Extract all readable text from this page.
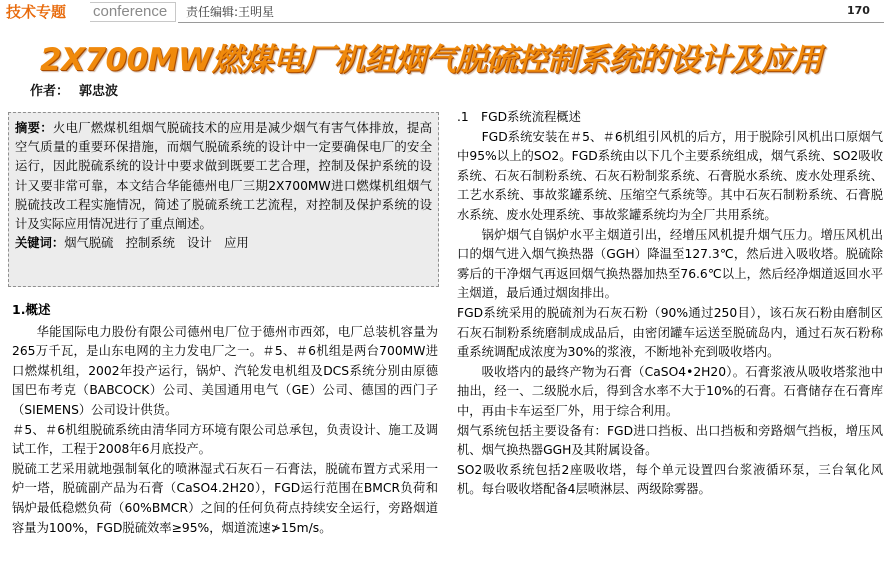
技术专题 conference	责任编辑:王明星	170
2X700MW燃煤电厂机组烟气脱硫控制系统的设计及应用
作者： 郭忠波

摘要：火电厂燃煤机组烟气脱硫技术的应用是减少烟气有害气体排放，提高空气质量的重要环保措施，而烟气脱硫系统的设计中一定要确保电厂的安全运行，因此脱硫系统的设计中要求做到既要工艺合理，控制及保护系统的设计又要非常可靠，本文结合华能德州电厂三期2X700MW进口燃煤机组烟气脱硫技改工程实施情况，简述了脱硫系统工艺流程，对控制及保护系统的设计及实际应用情况进行了重点阐述。

关键词：烟气脱硫　控制系统　设计　应用

1.概述

华能国际电力股份有限公司德州电厂位于德州市西郊，电厂总装机容量为265万千瓦，是山东电网的主力发电厂之一。＃5、＃6机组是两台700MW进口燃煤机组，2002年投产运行，锅炉、汽轮发电机组及DCS系统分别由原德国巴布考克（BABCOCK）公司、美国通用电气（GE）公司、德国的西门子（SIEMENS）公司设计供货。

＃5、＃6机组脱硫系统由清华同方环境有限公司总承包，负责设计、施工及调试工作，工程于2008年6月底投产。

脱硫工艺采用就地强制氧化的喷淋湿式石灰石－石膏法，脱硫布置方式采用一炉一塔，脱硫副产品为石膏（CaSO4.2H20），FGD运行范围在BMCR负荷和锅炉最低稳燃负荷（60%BMCR）之间的任何负荷点持续安全运行，旁路烟道容量为100%，FGD脱硫效率≥95%，烟道流速≯15m/s。

.1　FGD系统流程概述

FGD系统安装在＃5、＃6机组引风机的后方，用于脱除引风机出口原烟气中95%以上的SO2。FGD系统由以下几个主要系统组成，烟气系统、SO2吸收系统、石灰石制粉系统、石灰石粉制浆系统、石膏脱水系统、废水处理系统、工艺水系统、事故浆罐系统、压缩空气系统等。其中石灰石制粉系统、石膏脱水系统、废水处理系统、事故浆罐系统均为全厂共用系统。

锅炉烟气自锅炉水平主烟道引出，经增压风机提升烟气压力。增压风机出口的烟气进入烟气换热器（GGH）降温至127.3℃，然后进入吸收塔。脱硫除雾后的干净烟气再返回烟气换热器加热至76.6℃以上，然后经净烟道返回水平主烟道，最后通过烟囱排出。

FGD系统采用的脱硫剂为石灰石粉（90%通过250目），该石灰石粉由磨制区石灰石制粉系统磨制成成品后，由密闭罐车运送至脱硫岛内，通过石灰石粉称重系统调配成浓度为30%的浆液，不断地补充到吸收塔内。

吸收塔内的最终产物为石膏（CaSO4•2H20）。石膏浆液从吸收塔浆池中抽出，经一、二级脱水后，得到含水率不大于10%的石膏。石膏储存在石膏库中，再由卡车运至厂外，用于综合利用。

烟气系统包括主要设备有：FGD进口挡板、出口挡板和旁路烟气挡板，增压风机、烟气换热器GGH及其附属设备。

SO2吸收系统包括2座吸收塔，每个单元设置四台浆液循环泵，三台氧化风机。每台吸收塔配备4层喷淋层、两级除雾器。
